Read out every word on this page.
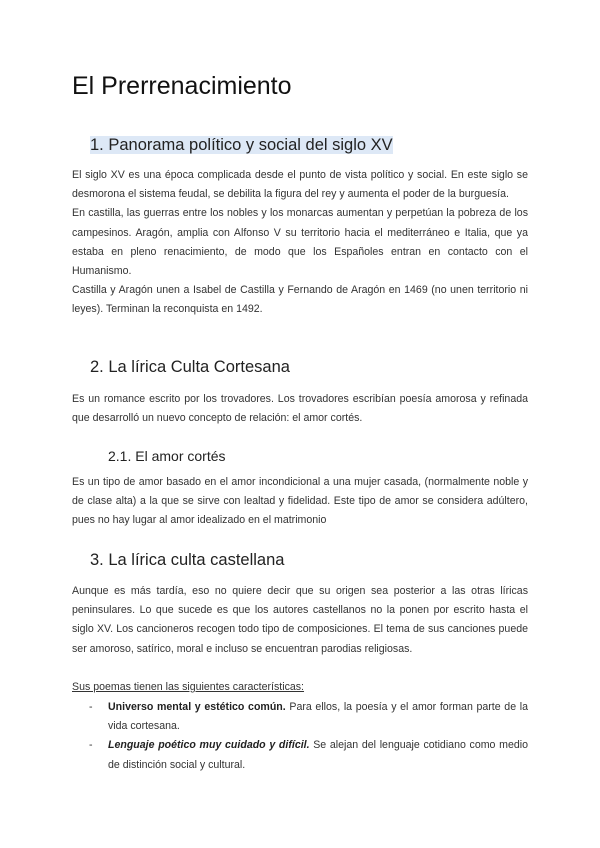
El Prerrenacimiento
1. Panorama político y social del siglo XV

El siglo XV es una época complicada desde el punto de vista político y social. En este siglo se desmorona el sistema feudal, se debilita la figura del rey y aumenta el poder de la burguesía.

En castilla, las guerras entre los nobles y los monarcas aumentan y perpetúan la pobreza de los campesinos. Aragón, amplia con Alfonso V su territorio hacia el mediterráneo e Italia, que ya estaba en pleno renacimiento, de modo que los Españoles entran en contacto con el Humanismo.

Castilla y Aragón unen a Isabel de Castilla y Fernando de Aragón en 1469 (no unen territorio ni leyes). Terminan la reconquista en 1492.

2. La lírica Culta Cortesana
Es un romance escrito por los trovadores. Los trovadores escribían poesía amorosa y refinada que desarrolló un nuevo concepto de relación: el amor cortés.
2.1. El amor cortés
Es un tipo de amor basado en el amor incondicional a una mujer casada, (normalmente noble y de clase alta) a la que se sirve con lealtad y fidelidad. Este tipo de amor se considera adúltero, pues no hay lugar al amor idealizado en el matrimonio
3. La lírica culta castellana
Aunque es más tardía, eso no quiere decir que su origen sea posterior a las otras líricas peninsulares. Lo que sucede es que los autores castellanos no la ponen por escrito hasta el siglo XV. Los cancioneros recogen todo tipo de composiciones. El tema de sus canciones puede ser amoroso, satírico, moral e incluso se encuentran parodias religiosas.
Sus poemas tienen las siguientes características:
- Universo mental y estético común. Para ellos, la poesía y el amor forman parte de la vida cortesana.
- Lenguaje poético muy cuidado y difícil. Se alejan del lenguaje cotidiano como medio de distinción social y cultural.
